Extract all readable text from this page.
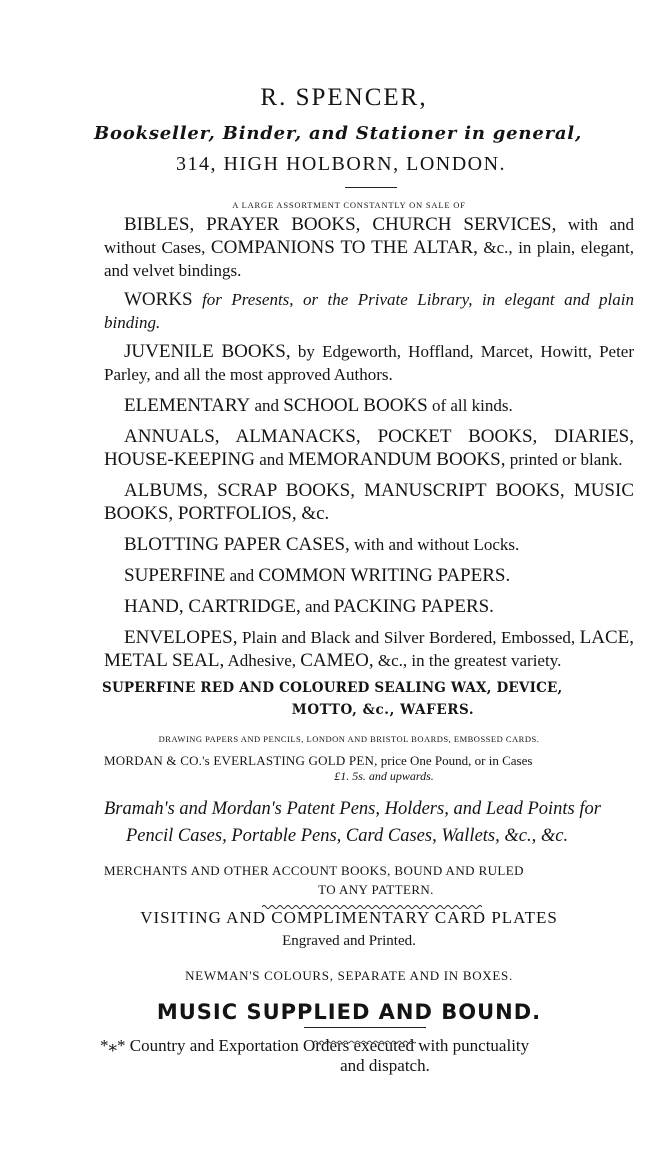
R. SPENCER,
Bookseller, Binder, and Stationer in general,
314, HIGH HOLBORN, LONDON.
A LARGE ASSORTMENT CONSTANTLY ON SALE OF

BIBLES, PRAYER BOOKS, CHURCH SERVICES, with and without Cases, COMPANIONS TO THE ALTAR, &c., in plain, elegant, and velvet bindings.

WORKS for Presents, or the Private Library, in elegant and plain binding.

JUVENILE BOOKS, by Edgeworth, Hoffland, Marcet, Howitt, Peter Parley, and all the most approved Authors.

ELEMENTARY and SCHOOL BOOKS of all kinds.

ANNUALS, ALMANACKS, POCKET BOOKS, DIARIES, HOUSE-KEEPING and MEMORANDUM BOOKS, printed or blank.

ALBUMS, SCRAP BOOKS, MANUSCRIPT BOOKS, MUSIC BOOKS, PORTFOLIOS, &c.

BLOTTING PAPER CASES, with and without Locks.

SUPERFINE and COMMON WRITING PAPERS.

HAND, CARTRIDGE, and PACKING PAPERS.

ENVELOPES, Plain and Black and Silver Bordered, Embossed, LACE, METAL SEAL, Adhesive, CAMEO, &c., in the greatest variety.

SUPERFINE RED AND COLOURED SEALING WAX, DEVICE,
MOTTO, &c., WAFERS.
DRAWING PAPERS AND PENCILS, LONDON AND BRISTOL BOARDS, EMBOSSED CARDS.
MORDAN & CO.'s EVERLASTING GOLD PEN, price One Pound, or in Cases
£1. 5s. and upwards.
Bramah's and Mordan's Patent Pens, Holders, and Lead Points for
Pencil Cases, Portable Pens, Card Cases, Wallets, &c., &c.
MERCHANTS AND OTHER ACCOUNT BOOKS, BOUND AND RULED
TO ANY PATTERN.
VISITING AND COMPLIMENTARY CARD PLATES
Engraved and Printed.
NEWMAN'S COLOURS, SEPARATE AND IN BOXES.
MUSIC SUPPLIED AND BOUND.
*⁎* Country and Exportation Orders executed with punctuality
and dispatch.
